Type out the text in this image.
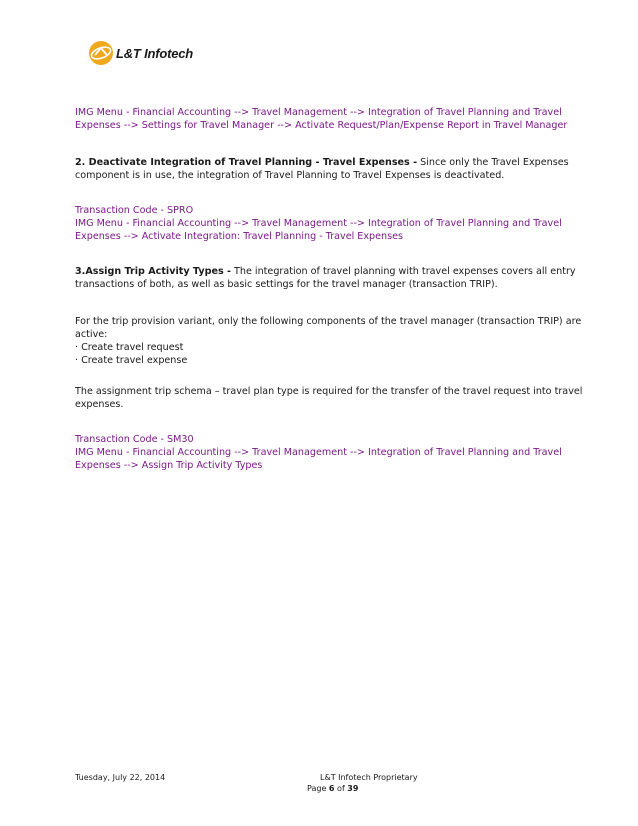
L&T Infotech

IMG Menu - Financial Accounting --> Travel Management --> Integration of Travel Planning and Travel

Expenses --> Settings for Travel Manager --> Activate Request/Plan/Expense Report in Travel Manager

2. Deactivate Integration of Travel Planning - Travel Expenses - Since only the Travel Expenses

component is in use, the integration of Travel Planning to Travel Expenses is deactivated.

Transaction Code - SPRO

IMG Menu - Financial Accounting --> Travel Management --> Integration of Travel Planning and Travel

Expenses --> Activate Integration: Travel Planning - Travel Expenses

3.Assign Trip Activity Types - The integration of travel planning with travel expenses covers all entry

transactions of both, as well as basic settings for the travel manager (transaction TRIP).

For the trip provision variant, only the following components of the travel manager (transaction TRIP) are

active:

· Create travel request

· Create travel expense

The assignment trip schema – travel plan type is required for the transfer of the travel request into travel

expenses.

Transaction Code - SM30

IMG Menu - Financial Accounting --> Travel Management --> Integration of Travel Planning and Travel

Expenses --> Assign Trip Activity Types

Tuesday, July 22, 2014	L&T Infotech Proprietary
Page 6 of 39
